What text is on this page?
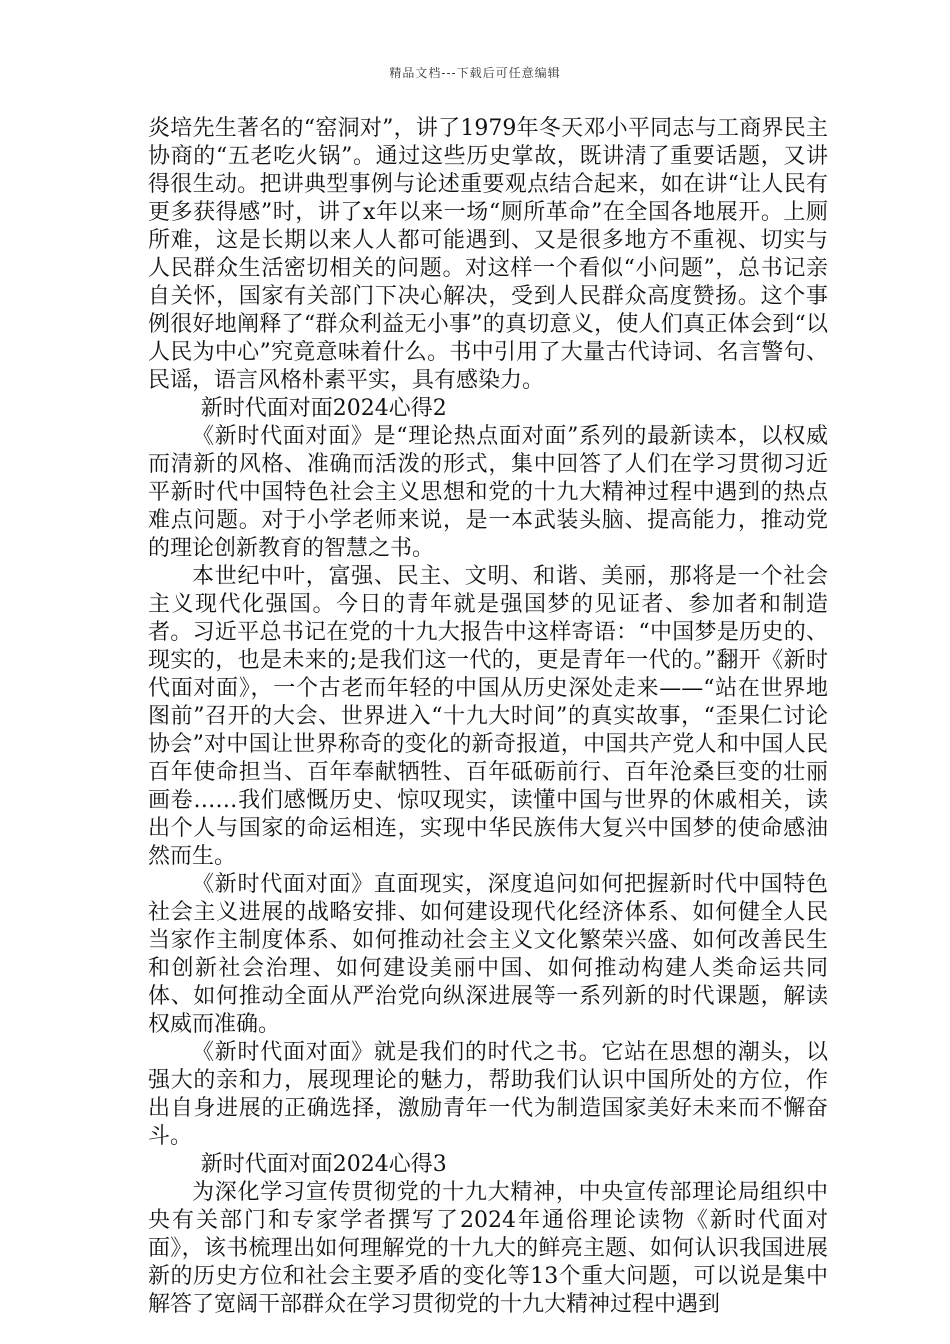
精品文档---下载后可任意编辑

炎培先生著名的“窑洞对”，讲了1979年冬天邓小平同志与工商界民主协商的“五老吃火锅”。通过这些历史掌故，既讲清了重要话题，又讲得很生动。把讲典型事例与论述重要观点结合起来，如在讲“让人民有更多获得感”时，讲了x年以来一场“厕所革命”在全国各地展开。上厕所难，这是长期以来人人都可能遇到、又是很多地方不重视、切实与人民群众生活密切相关的问题。对这样一个看似“小问题”，总书记亲自关怀，国家有关部门下决心解决，受到人民群众高度赞扬。这个事例很好地阐释了“群众利益无小事”的真切意义，使人们真正体会到“以人民为中心”究竟意味着什么。书中引用了大量古代诗词、名言警句、民谣，语言风格朴素平实，具有感染力。

新时代面对面2024心得2

《新时代面对面》是“理论热点面对面”系列的最新读本，以权威而清新的风格、准确而活泼的形式，集中回答了人们在学习贯彻习近平新时代中国特色社会主义思想和党的十九大精神过程中遇到的热点难点问题。对于小学老师来说，是一本武装头脑、提高能力，推动党的理论创新教育的智慧之书。

本世纪中叶，富强、民主、文明、和谐、美丽，那将是一个社会主义现代化强国。今日的青年就是强国梦的见证者、参加者和制造者。习近平总书记在党的十九大报告中这样寄语：“中国梦是历史的、现实的，也是未来的;是我们这一代的，更是青年一代的。”翻开《新时代面对面》，一个古老而年轻的中国从历史深处走来——“站在世界地图前”召开的大会、世界进入“十九大时间”的真实故事，“歪果仁讨论协会”对中国让世界称奇的变化的新奇报道，中国共产党人和中国人民百年使命担当、百年奉献牺牲、百年砥砺前行、百年沧桑巨变的壮丽画卷……我们感慨历史、惊叹现实，读懂中国与世界的休戚相关，读出个人与国家的命运相连，实现中华民族伟大复兴中国梦的使命感油然而生。

《新时代面对面》直面现实，深度追问如何把握新时代中国特色社会主义进展的战略安排、如何建设现代化经济体系、如何健全人民当家作主制度体系、如何推动社会主义文化繁荣兴盛、如何改善民生和创新社会治理、如何建设美丽中国、如何推动构建人类命运共同体、如何推动全面从严治党向纵深进展等一系列新的时代课题，解读权威而准确。

《新时代面对面》就是我们的时代之书。它站在思想的潮头，以强大的亲和力，展现理论的魅力，帮助我们认识中国所处的方位，作出自身进展的正确选择，激励青年一代为制造国家美好未来而不懈奋斗。

新时代面对面2024心得3

为深化学习宣传贯彻党的十九大精神，中央宣传部理论局组织中央有关部门和专家学者撰写了2024年通俗理论读物《新时代面对面》，该书梳理出如何理解党的十九大的鲜亮主题、如何认识我国进展新的历史方位和社会主要矛盾的变化等13个重大问题，可以说是集中解答了宽阔干部群众在学习贯彻党的十九大精神过程中遇到
